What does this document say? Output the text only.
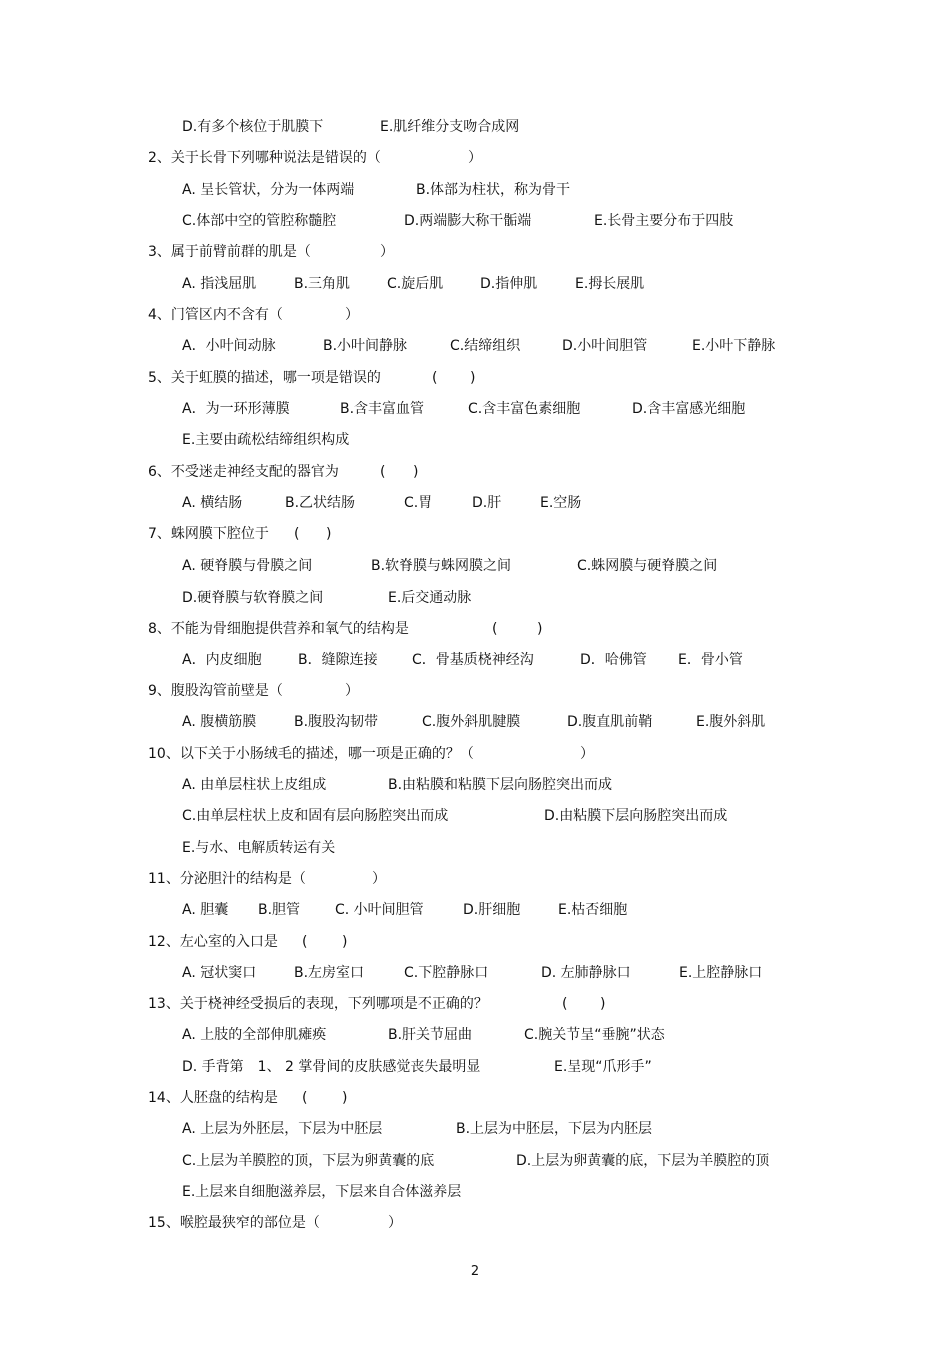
D.有多个核位于肌膜下	E.肌纤维分支吻合成网
2、关于长骨下列哪种说法是错误的（	）
A. 呈长管状，分为一体两端	B.体部为柱状，称为骨干
C.体部中空的管腔称髓腔	D.两端膨大称干骺端	E.长骨主要分布于四肢
3、属于前臂前群的肌是（	）
A. 指浅屈肌	B.三角肌	C.旋后肌	D.指伸肌	E.拇长展肌
4、门管区内不含有（	）
A．小叶间动脉	B.小叶间静脉	C.结缔组织	D.小叶间胆管	E.小叶下静脉
5、关于虹膜的描述，哪一项是错误的	( )
A．为一环形薄膜	B.含丰富血管	C.含丰富色素细胞	D.含丰富感光细胞
E.主要由疏松结缔组织构成
6、不受迷走神经支配的器官为	( )
A. 横结肠	B.乙状结肠	C.胃	D.肝	E.空肠
7、蛛网膜下腔位于 ( )
A. 硬脊膜与骨膜之间	B.软脊膜与蛛网膜之间	C.蛛网膜与硬脊膜之间
D.硬脊膜与软脊膜之间	E.后交通动脉
8、不能为骨细胞提供营养和氧气的结构是	(	)
A．内皮细胞	B．缝隙连接 C．骨基质桡神经沟	D．哈佛管 E．骨小管
9、腹股沟管前壁是（	）
A. 腹横筋膜	B.腹股沟韧带	C.腹外斜肌腱膜	D.腹直肌前鞘	E.腹外斜肌
10、以下关于小肠绒毛的描述，哪一项是正确的？（	）
A. 由单层柱状上皮组成	B.由粘膜和粘膜下层向肠腔突出而成
C.由单层柱状上皮和固有层向肠腔突出而成	D.由粘膜下层向肠腔突出而成
E.与水、电解质转运有关
11、分泌胆汁的结构是（	）
A. 胆囊 B.胆管 C. 小叶间胆管	D.肝细胞	E.枯否细胞
12、左心室的入口是 ( )
A. 冠状窦口	B.左房室口	C.下腔静脉口	D. 左肺静脉口	E.上腔静脉口
13、关于桡神经受损后的表现，下列哪项是不正确的？	( )
A. 上肢的全部伸肌瘫痪	B.肝关节屈曲	C.腕关节呈“垂腕”状态
D. 手背第　1、 2 掌骨间的皮肤感觉丧失最明显	E.呈现“爪形手”
14、人胚盘的结构是 ( )
A. 上层为外胚层，下层为中胚层	B.上层为中胚层，下层为内胚层
C.上层为羊膜腔的顶，下层为卵黄囊的底	D.上层为卵黄囊的底，下层为羊膜腔的顶
E.上层来自细胞滋养层，下层来自合体滋养层
15、喉腔最狭窄的部位是（	）
2
